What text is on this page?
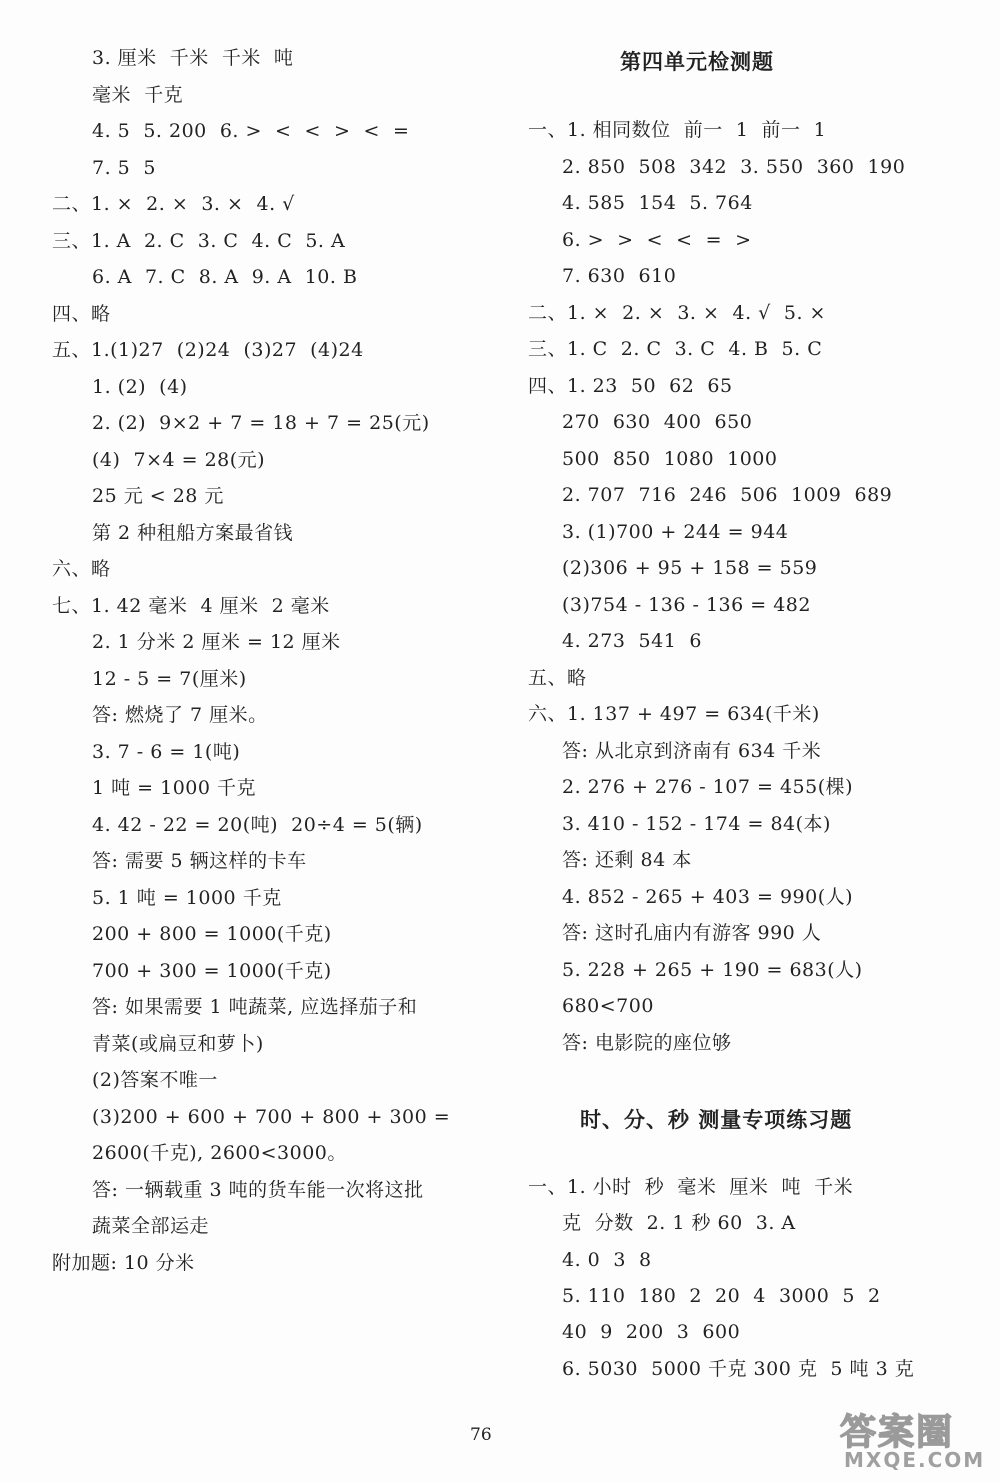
3. 厘米  千米  千米  吨
毫米  千克
4. 5  5. 200  6. >  <  <  >  <  =
7. 5  5
二、1. ×  2. ×  3. ×  4. √
三、1. A  2. C  3. C  4. C  5. A
6. A  7. C  8. A  9. A  10. B
四、略
五、1.(1)27  (2)24  (3)27  (4)24
1. (2)  (4)
2. (2)  9×2 + 7 = 18 + 7 = 25(元)
(4)  7×4 = 28(元)
25 元 < 28 元
第 2 种租船方案最省钱
六、略
七、1. 42 毫米  4 厘米  2 毫米
2. 1 分米 2 厘米 = 12 厘米
12 - 5 = 7(厘米)
答: 燃烧了 7 厘米。
3. 7 - 6 = 1(吨)
1 吨 = 1000 千克
4. 42 - 22 = 20(吨)  20÷4 = 5(辆)
答: 需要 5 辆这样的卡车
5. 1 吨 = 1000 千克
200 + 800 = 1000(千克)
700 + 300 = 1000(千克)
答: 如果需要 1 吨蔬菜, 应选择茄子和
青菜(或扁豆和萝卜)
(2)答案不唯一
(3)200 + 600 + 700 + 800 + 300 =
2600(千克), 2600<3000。
答: 一辆载重 3 吨的货车能一次将这批
蔬菜全部运走
附加题: 10 分米
第四单元检测题
一、1. 相同数位  前一  1  前一  1
2. 850  508  342  3. 550  360  190
4. 585  154  5. 764
6. >  >  <  <  =  >
7. 630  610
二、1. ×  2. ×  3. ×  4. √  5. ×
三、1. C  2. C  3. C  4. B  5. C
四、1. 23  50  62  65
270  630  400  650
500  850  1080  1000
2. 707  716  246  506  1009  689
3. (1)700 + 244 = 944
(2)306 + 95 + 158 = 559
(3)754 - 136 - 136 = 482
4. 273  541  6
五、略
六、1. 137 + 497 = 634(千米)
答: 从北京到济南有 634 千米
2. 276 + 276 - 107 = 455(棵)
3. 410 - 152 - 174 = 84(本)
答: 还剩 84 本
4. 852 - 265 + 403 = 990(人)
答: 这时孔庙内有游客 990 人
5. 228 + 265 + 190 = 683(人)
680<700
答: 电影院的座位够
时、分、秒 测量专项练习题
一、1. 小时  秒  毫米  厘米  吨  千米
克  分数  2. 1 秒 60  3. A
4. 0  3  8
5. 110  180  2  20  4  3000  5  2
40  9  200  3  600
6. 5030  5000 千克 300 克  5 吨 3 克
76	答案圈
MXQE.COM
